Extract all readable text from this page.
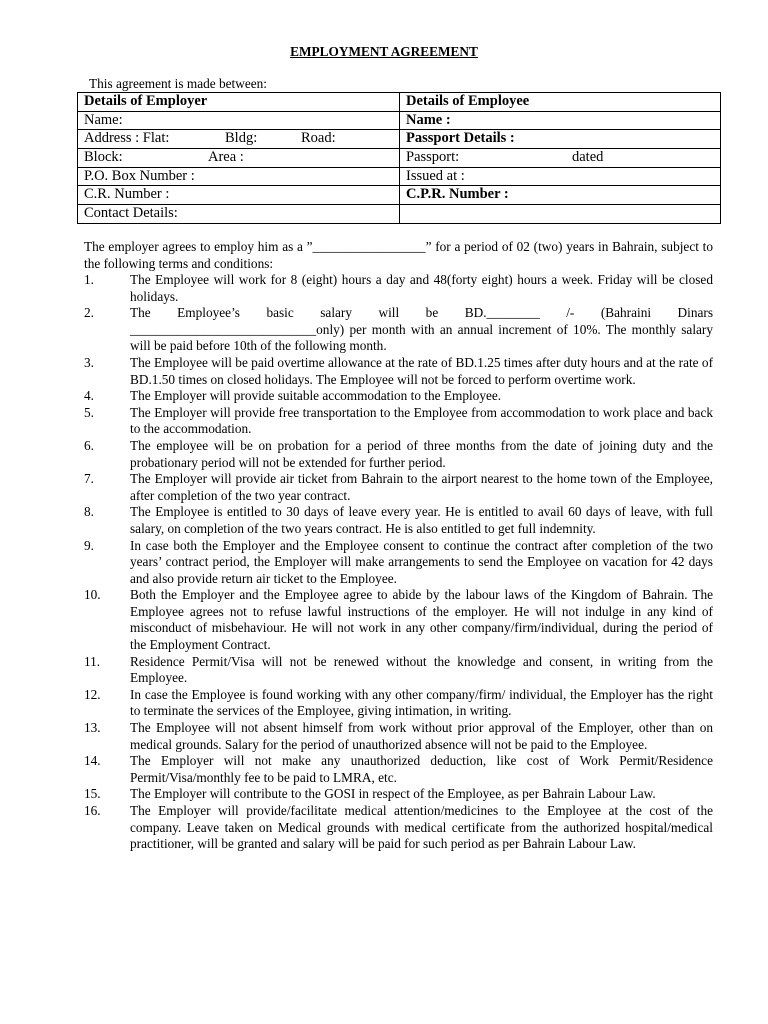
EMPLOYMENT AGREEMENT
This agreement is made between:
Details of Employer	Details of Employee
Name:	Name :
Address : Flat: Bldg: Road:	Passport Details :
Block: Area :	Passport: dated
P.O. Box Number :	Issued at :
C.R. Number :	C.P.R. Number :
Contact Details:	
The employer agrees to employ him as a ”_________________” for a period of 02 (two) years in Bahrain, subject to the following terms and conditions:
1.	The Employee will work for 8 (eight) hours a day and 48(forty eight) hours a week. Friday will be closed holidays.
2.	The Employee’s basic salary will be BD.________ /- (Bahraini Dinars ____________________________only) per month with an annual increment of 10%. The monthly salary will be paid before 10th of the following month.
3.	The Employee will be paid overtime allowance at the rate of BD.1.25 times after duty hours and at the rate of BD.1.50 times on closed holidays. The Employee will not be forced to perform overtime work.
4.	The Employer will provide suitable accommodation to the Employee.
5.	The Employer will provide free transportation to the Employee from accommodation to work place and back to the accommodation.
6.	The employee will be on probation for a period of three months from the date of joining duty and the probationary period will not be extended for further period.
7.	The Employer will provide air ticket from Bahrain to the airport nearest to the home town of the Employee, after completion of the two year contract.
8.	The Employee is entitled to 30 days of leave every year. He is entitled to avail 60 days of leave, with full salary, on completion of the two years contract. He is also entitled to get full indemnity.
9.	In case both the Employer and the Employee consent to continue the contract after completion of the two years’ contract period, the Employer will make arrangements to send the Employee on vacation for 42 days and also provide return air ticket to the Employee.
10.	Both the Employer and the Employee agree to abide by the labour laws of the Kingdom of Bahrain. The Employee agrees not to refuse lawful instructions of the employer. He will not indulge in any kind of misconduct of misbehaviour. He will not work in any other company/firm/individual, during the period of the Employment Contract.
11.	Residence Permit/Visa will not be renewed without the knowledge and consent, in writing from the Employee.
12.	In case the Employee is found working with any other company/firm/ individual, the Employer has the right to terminate the services of the Employee, giving intimation, in writing.
13.	The Employee will not absent himself from work without prior approval of the Employer, other than on medical grounds. Salary for the period of unauthorized absence will not be paid to the Employee.
14.	The Employer will not make any unauthorized deduction, like cost of Work Permit/Residence Permit/Visa/monthly fee to be paid to LMRA, etc.
15.	The Employer will contribute to the GOSI in respect of the Employee, as per Bahrain Labour Law.
16.	The Employer will provide/facilitate medical attention/medicines to the Employee at the cost of the company. Leave taken on Medical grounds with medical certificate from the authorized hospital/medical practitioner, will be granted and salary will be paid for such period as per Bahrain Labour Law.
